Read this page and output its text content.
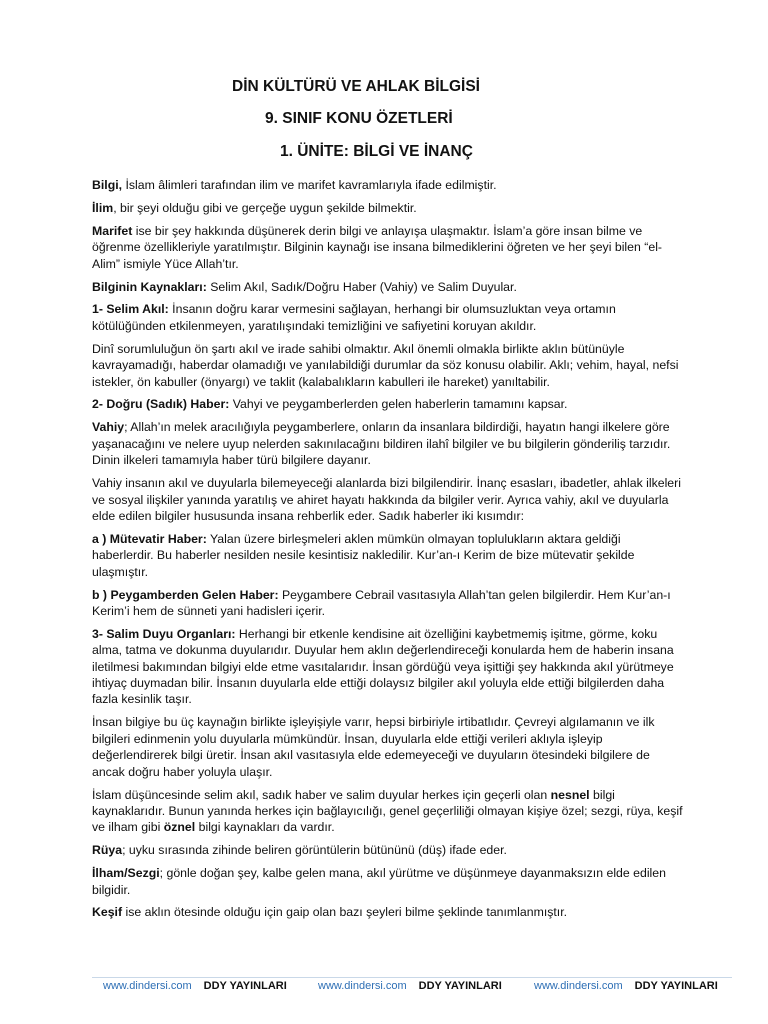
DİN KÜLTÜRÜ VE AHLAK BİLGİSİ
9. SINIF KONU ÖZETLERİ
1. ÜNİTE: BİLGİ VE İNANÇ

Bilgi, İslam âlimleri tarafından ilim ve marifet kavramlarıyla ifade edilmiştir.

İlim, bir şeyi olduğu gibi ve gerçeğe uygun şekilde bilmektir.

Marifet ise bir şey hakkında düşünerek derin bilgi ve anlayışa ulaşmaktır. İslam’a göre insan bilme ve öğrenme özellikleriyle yaratılmıştır. Bilginin kaynağı ise insana bilmediklerini öğreten ve her şeyi bilen “el-Alim” ismiyle Yüce Allah’tır.

Bilginin Kaynakları: Selim Akıl, Sadık/Doğru Haber (Vahiy) ve Salim Duyular.

1- Selim Akıl: İnsanın doğru karar vermesini sağlayan, herhangi bir olumsuzluktan veya ortamın kötülüğünden etkilenmeyen, yaratılışındaki temizliğini ve safiyetini koruyan akıldır.

Dinî sorumluluğun ön şartı akıl ve irade sahibi olmaktır. Akıl önemli olmakla birlikte aklın bütünüyle kavrayamadığı, haberdar olamadığı ve yanılabildiği durumlar da söz konusu olabilir. Aklı; vehim, hayal, nefsi istekler, ön kabuller (önyargı) ve taklit (kalabalıkların kabulleri ile hareket) yanıltabilir.

2- Doğru (Sadık) Haber: Vahyi ve peygamberlerden gelen haberlerin tamamını kapsar.

Vahiy; Allah’ın melek aracılığıyla peygamberlere, onların da insanlara bildirdiği, hayatın hangi ilkelere göre yaşanacağını ve nelere uyup nelerden sakınılacağını bildiren ilahî bilgiler ve bu bilgilerin gönderiliş tarzıdır. Dinin ilkeleri tamamıyla haber türü bilgilere dayanır.

Vahiy insanın akıl ve duyularla bilemeyeceği alanlarda bizi bilgilendirir. İnanç esasları, ibadetler, ahlak ilkeleri ve sosyal ilişkiler yanında yaratılış ve ahiret hayatı hakkında da bilgiler verir. Ayrıca vahiy, akıl ve duyularla elde edilen bilgiler hususunda insana rehberlik eder. Sadık haberler iki kısımdır:

a ) Mütevatir Haber: Yalan üzere birleşmeleri aklen mümkün olmayan toplulukların aktara geldiği haberlerdir. Bu haberler nesilden nesile kesintisiz nakledilir. Kur’an-ı Kerim de bize mütevatir şekilde ulaşmıştır.

b ) Peygamberden Gelen Haber: Peygambere Cebrail vasıtasıyla Allah’tan gelen bilgilerdir. Hem Kur’an-ı Kerim’i hem de sünneti yani hadisleri içerir.

3- Salim Duyu Organları: Herhangi bir etkenle kendisine ait özelliğini kaybetmemiş işitme, görme, koku alma, tatma ve dokunma duyularıdır. Duyular hem aklın değerlendireceği konularda hem de haberin insana iletilmesi bakımından bilgiyi elde etme vasıtalarıdır. İnsan gördüğü veya işittiği şey hakkında akıl yürütmeye ihtiyaç duymadan bilir. İnsanın duyularla elde ettiği dolaysız bilgiler akıl yoluyla elde ettiği bilgilerden daha fazla kesinlik taşır.

İnsan bilgiye bu üç kaynağın birlikte işleyişiyle varır, hepsi birbiriyle irtibatlıdır. Çevreyi algılamanın ve ilk bilgileri edinmenin yolu duyularla mümkündür. İnsan, duyularla elde ettiği verileri aklıyla işleyip değerlendirerek bilgi üretir. İnsan akıl vasıtasıyla elde edemeyeceği ve duyuların ötesindeki bilgilere de ancak doğru haber yoluyla ulaşır.

İslam düşüncesinde selim akıl, sadık haber ve salim duyular herkes için geçerli olan nesnel bilgi kaynaklarıdır. Bunun yanında herkes için bağlayıcılığı, genel geçerliliği olmayan kişiye özel; sezgi, rüya, keşif ve ilham gibi öznel bilgi kaynakları da vardır.

Rüya; uyku sırasında zihinde beliren görüntülerin bütününü (düş) ifade eder.

İlham/Sezgi; gönle doğan şey, kalbe gelen mana, akıl yürütme ve düşünmeye dayanmaksızın elde edilen bilgidir.

Keşif ise aklın ötesinde olduğu için gaip olan bazı şeyleri bilme şeklinde tanımlanmıştır.

www.dindersi.com DDY YAYINLARI	www.dindersi.com DDY YAYINLARI	www.dindersi.com DDY YAYINLARI
